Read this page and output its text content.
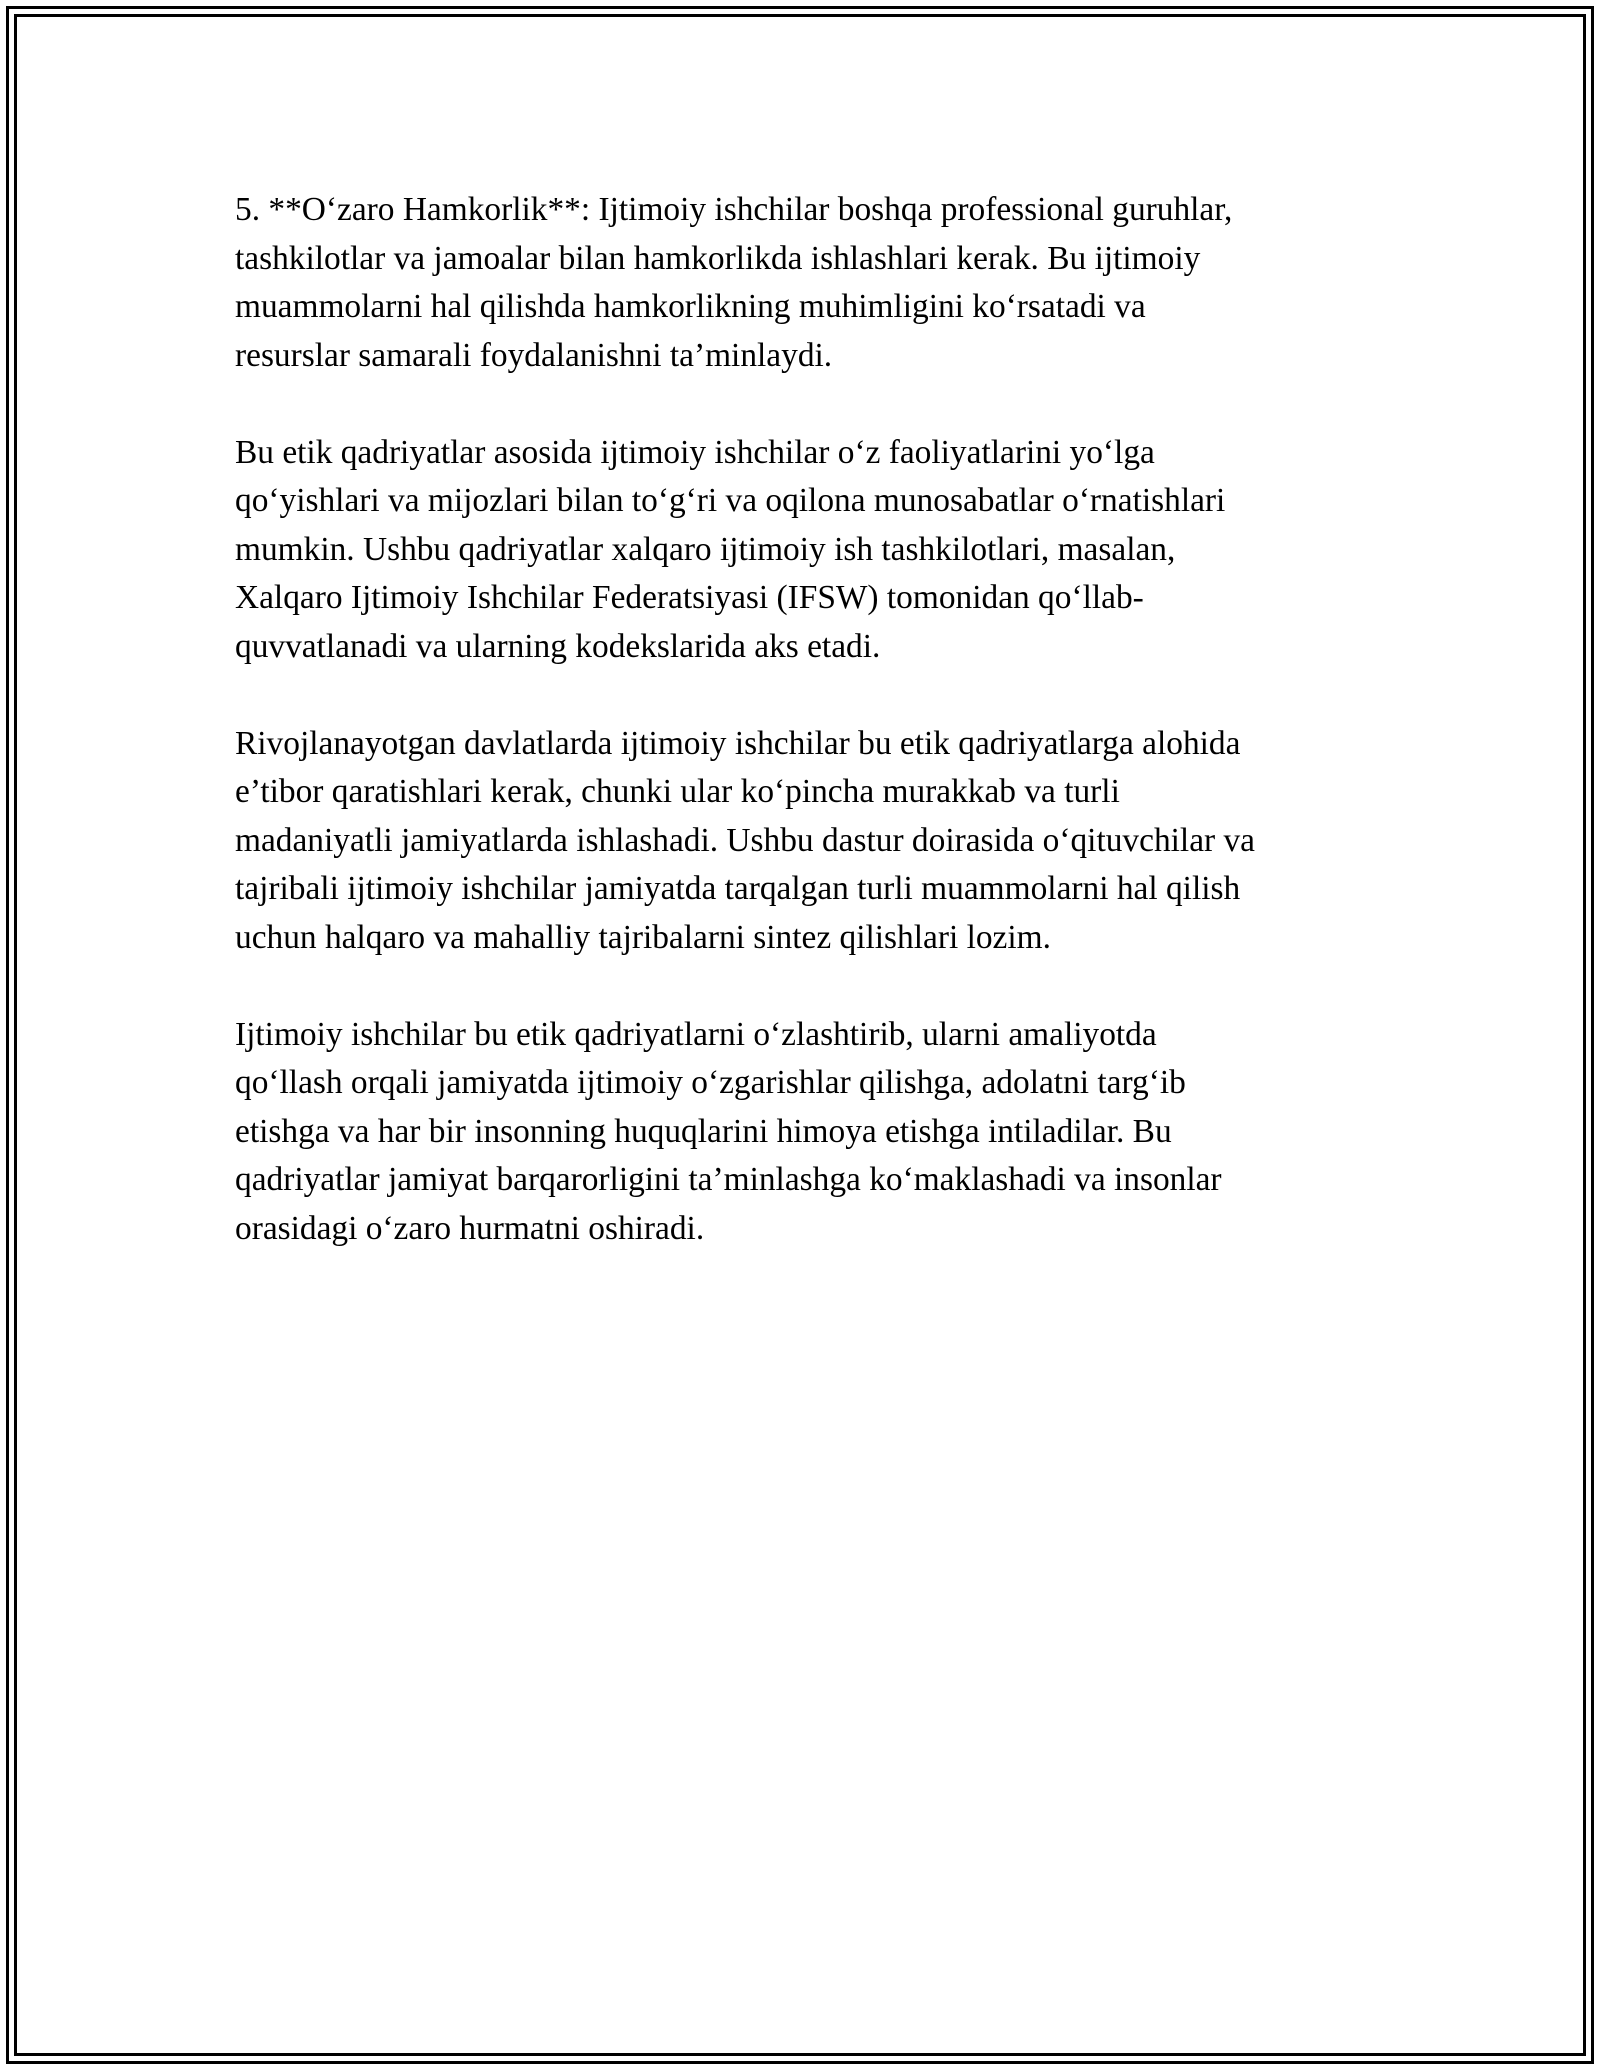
5. **O‘zaro Hamkorlik**: Ijtimoiy ishchilar boshqa professional guruhlar,
tashkilotlar va jamoalar bilan hamkorlikda ishlashlari kerak. Bu ijtimoiy
muammolarni hal qilishda hamkorlikning muhimligini ko‘rsatadi va
resurslar samarali foydalanishni ta’minlaydi.

Bu etik qadriyatlar asosida ijtimoiy ishchilar o‘z faoliyatlarini yo‘lga
qo‘yishlari va mijozlari bilan to‘g‘ri va oqilona munosabatlar o‘rnatishlari
mumkin. Ushbu qadriyatlar xalqaro ijtimoiy ish tashkilotlari, masalan,
Xalqaro Ijtimoiy Ishchilar Federatsiyasi (IFSW) tomonidan qo‘llab-
quvvatlanadi va ularning kodekslarida aks etadi.

Rivojlanayotgan davlatlarda ijtimoiy ishchilar bu etik qadriyatlarga alohida
e’tibor qaratishlari kerak, chunki ular ko‘pincha murakkab va turli
madaniyatli jamiyatlarda ishlashadi. Ushbu dastur doirasida o‘qituvchilar va
tajribali ijtimoiy ishchilar jamiyatda tarqalgan turli muammolarni hal qilish
uchun halqaro va mahalliy tajribalarni sintez qilishlari lozim.

Ijtimoiy ishchilar bu etik qadriyatlarni o‘zlashtirib, ularni amaliyotda
qo‘llash orqali jamiyatda ijtimoiy o‘zgarishlar qilishga, adolatni targ‘ib
etishga va har bir insonning huquqlarini himoya etishga intiladilar. Bu
qadriyatlar jamiyat barqarorligini ta’minlashga ko‘maklashadi va insonlar
orasidagi o‘zaro hurmatni oshiradi.
